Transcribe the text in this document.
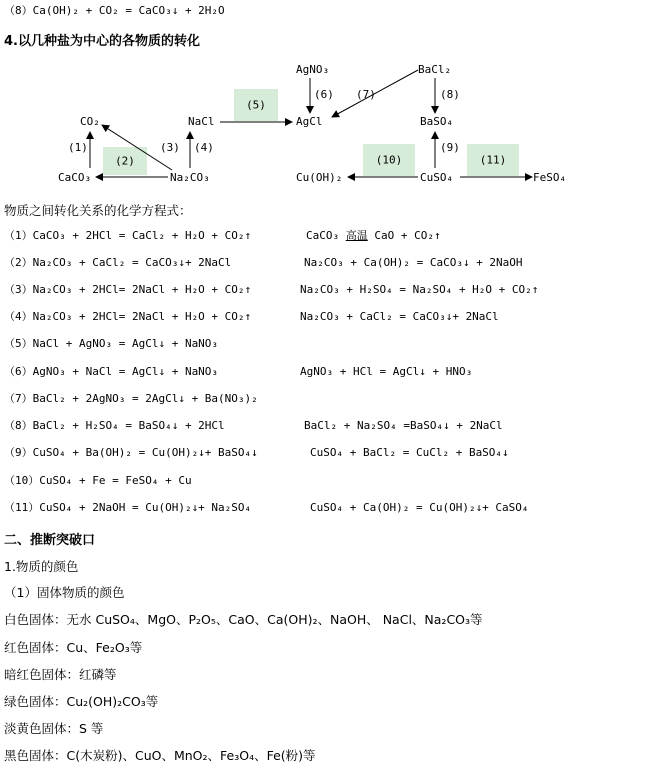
（8）Ca(OH)₂ + CO₂ = CaCO₃↓ + 2H₂O
4.以几种盐为中心的各物质的转化
(5)
(2)	(10)	(11)
CO₂	NaCl
AgNO₃	BaCl₂
AgCl	BaSO₄
CaCO₃	Na₂CO₃	Cu(OH)₂	CuSO₄	FeSO₄
(1)	(3) (4)
(6) (7)	(8)
(9)
物质之间转化关系的化学方程式：
（1）CaCO₃ + 2HCl = CaCl₂ + H₂O + CO₂↑	CaCO₃ 高温 CaO + CO₂↑
（2）Na₂CO₃ + CaCl₂ = CaCO₃↓+ 2NaCl	Na₂CO₃ + Ca(OH)₂ = CaCO₃↓ + 2NaOH
（3）Na₂CO₃ + 2HCl= 2NaCl + H₂O + CO₂↑	Na₂CO₃ + H₂SO₄ = Na₂SO₄ + H₂O + CO₂↑
（4）Na₂CO₃ + 2HCl= 2NaCl + H₂O + CO₂↑	Na₂CO₃ + CaCl₂ = CaCO₃↓+ 2NaCl
（5）NaCl + AgNO₃ = AgCl↓ + NaNO₃
（6）AgNO₃ + NaCl = AgCl↓ + NaNO₃	AgNO₃ + HCl = AgCl↓ + HNO₃
（7）BaCl₂ + 2AgNO₃ = 2AgCl↓ + Ba(NO₃)₂
（8）BaCl₂ + H₂SO₄ = BaSO₄↓ + 2HCl	BaCl₂ + Na₂SO₄ =BaSO₄↓ + 2NaCl
（9）CuSO₄ + Ba(OH)₂ = Cu(OH)₂↓+ BaSO₄↓	CuSO₄ + BaCl₂ = CuCl₂ + BaSO₄↓
（10）CuSO₄ + Fe = FeSO₄ + Cu
（11）CuSO₄ + 2NaOH = Cu(OH)₂↓+ Na₂SO₄	CuSO₄ + Ca(OH)₂ = Cu(OH)₂↓+ CaSO₄
二、推断突破口
1.物质的颜色
（1）固体物质的颜色
白色固体：无水 CuSO₄、MgO、P₂O₅、CaO、Ca(OH)₂、NaOH、 NaCl、Na₂CO₃等
红色固体：Cu、Fe₂O₃等
暗红色固体：红磷等
绿色固体：Cu₂(OH)₂CO₃等
淡黄色固体：S 等
黑色固体：C(木炭粉)、CuO、MnO₂、Fe₃O₄、Fe(粉)等
